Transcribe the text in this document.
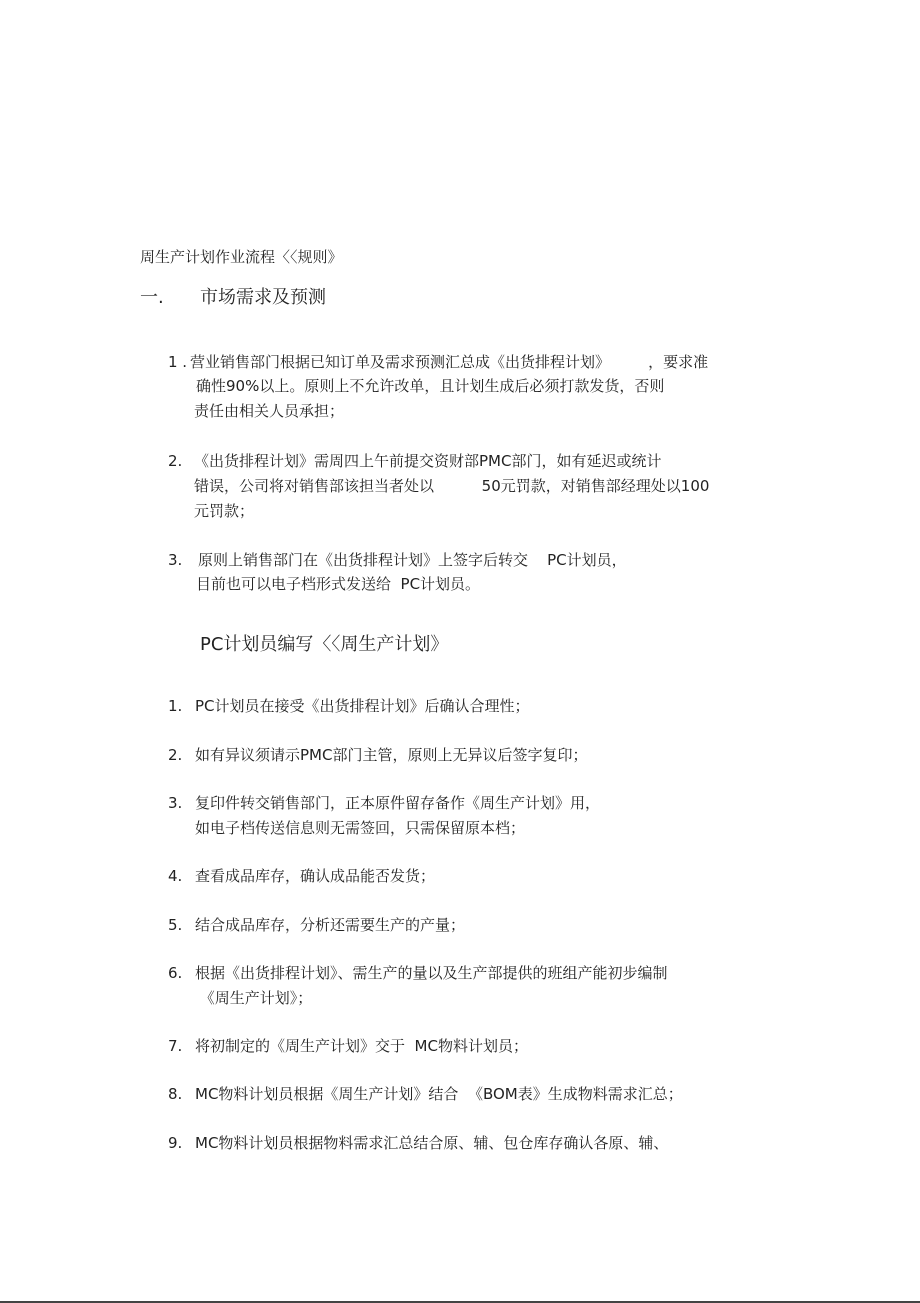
周生产计划作业流程〈〈规则》
一. 市场需求及预测
1 . 营业销售部门根据已知订单及需求预测汇总成《出货排程计划》        ，要求准
确性90%以上。原则上不允许改单，且计划生成后必须打款发货，否则
责任由相关人员承担；
2. 《出货排程计划》需周四上午前提交资财部PMC部门，如有延迟或统计
错误，公司将对销售部该担当者处以          50元罚款，对销售部经理处以100
元罚款；
3. 原则上销售部门在《出货排程计划》上签字后转交    PC计划员，
目前也可以电子档形式发送给  PC计划员。
PC计划员编写〈〈周生产计划》
1. PC计划员在接受《出货排程计划》后确认合理性；
2. 如有异议须请示PMC部门主管，原则上无异议后签字复印；
3. 复印件转交销售部门，正本原件留存备作《周生产计划》用，
如电子档传送信息则无需签回，只需保留原本档；
4. 查看成品库存，确认成品能否发货；
5. 结合成品库存，分析还需要生产的产量；
6. 根据《出货排程计划》、需生产的量以及生产部提供的班组产能初步编制
《周生产计划》；
7. 将初制定的《周生产计划》交于  MC物料计划员；
8. MC物料计划员根据《周生产计划》结合  《BOM表》生成物料需求汇总；
9. MC物料计划员根据物料需求汇总结合原、辅、包仓库存确认各原、辅、
